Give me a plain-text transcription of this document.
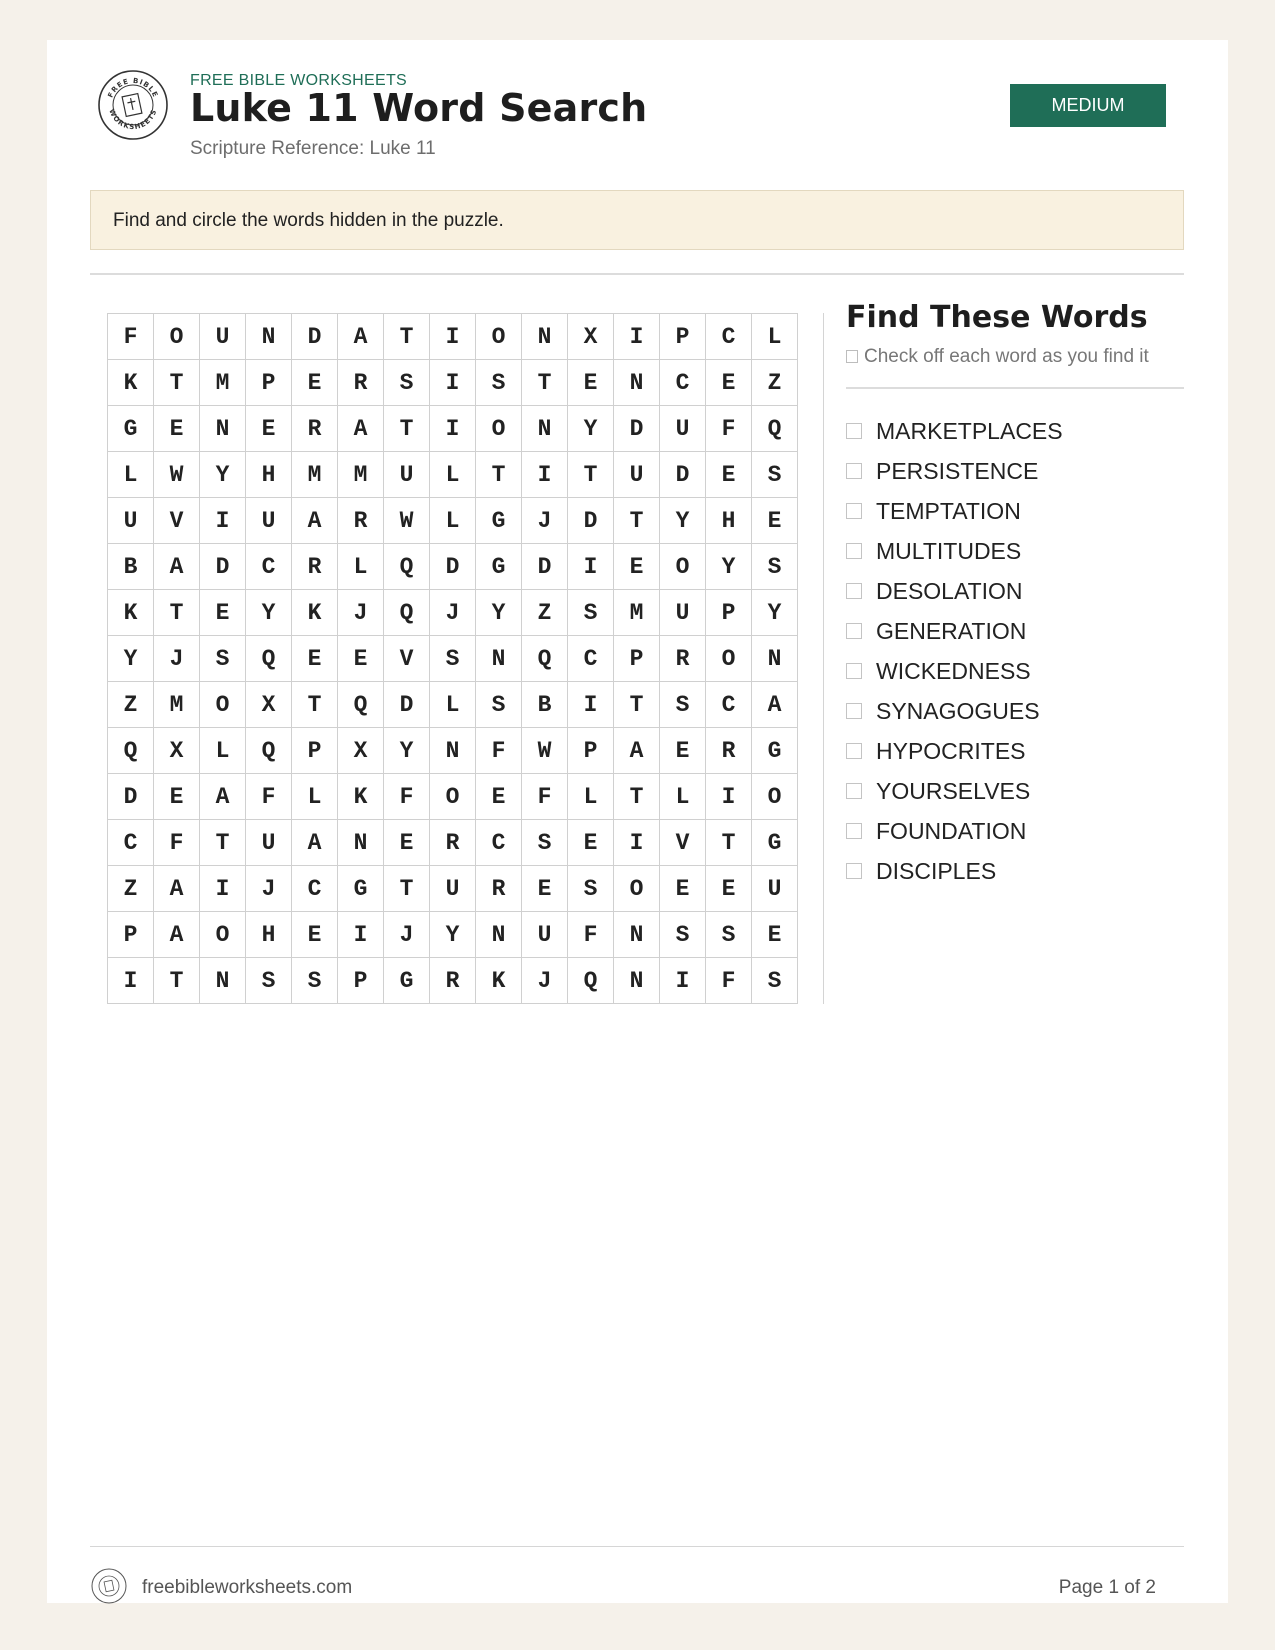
FREE BIBLE
WORKSHEETS
FREE BIBLE WORKSHEETS
Luke 11 Word Search
Scripture Reference: Luke 11
MEDIUM
Find and circle the words hidden in the puzzle.
F	O	U	N	D	A	T	I	O	N	X	I	P	C	L
K	T	M	P	E	R	S	I	S	T	E	N	C	E	Z
G	E	N	E	R	A	T	I	O	N	Y	D	U	F	Q
L	W	Y	H	M	M	U	L	T	I	T	U	D	E	S
U	V	I	U	A	R	W	L	G	J	D	T	Y	H	E
B	A	D	C	R	L	Q	D	G	D	I	E	O	Y	S
K	T	E	Y	K	J	Q	J	Y	Z	S	M	U	P	Y
Y	J	S	Q	E	E	V	S	N	Q	C	P	R	O	N
Z	M	O	X	T	Q	D	L	S	B	I	T	S	C	A
Q	X	L	Q	P	X	Y	N	F	W	P	A	E	R	G
D	E	A	F	L	K	F	O	E	F	L	T	L	I	O
C	F	T	U	A	N	E	R	C	S	E	I	V	T	G
Z	A	I	J	C	G	T	U	R	E	S	O	E	E	U
P	A	O	H	E	I	J	Y	N	U	F	N	S	S	E
I	T	N	S	S	P	G	R	K	J	Q	N	I	F	S
Find These Words
Check off each word as you find it
MARKETPLACES
PERSISTENCE
TEMPTATION
MULTITUDES
DESOLATION
GENERATION
WICKEDNESS
SYNAGOGUES
HYPOCRITES
YOURSELVES
FOUNDATION
DISCIPLES
freebibleworksheets.com	Page 1 of 2
